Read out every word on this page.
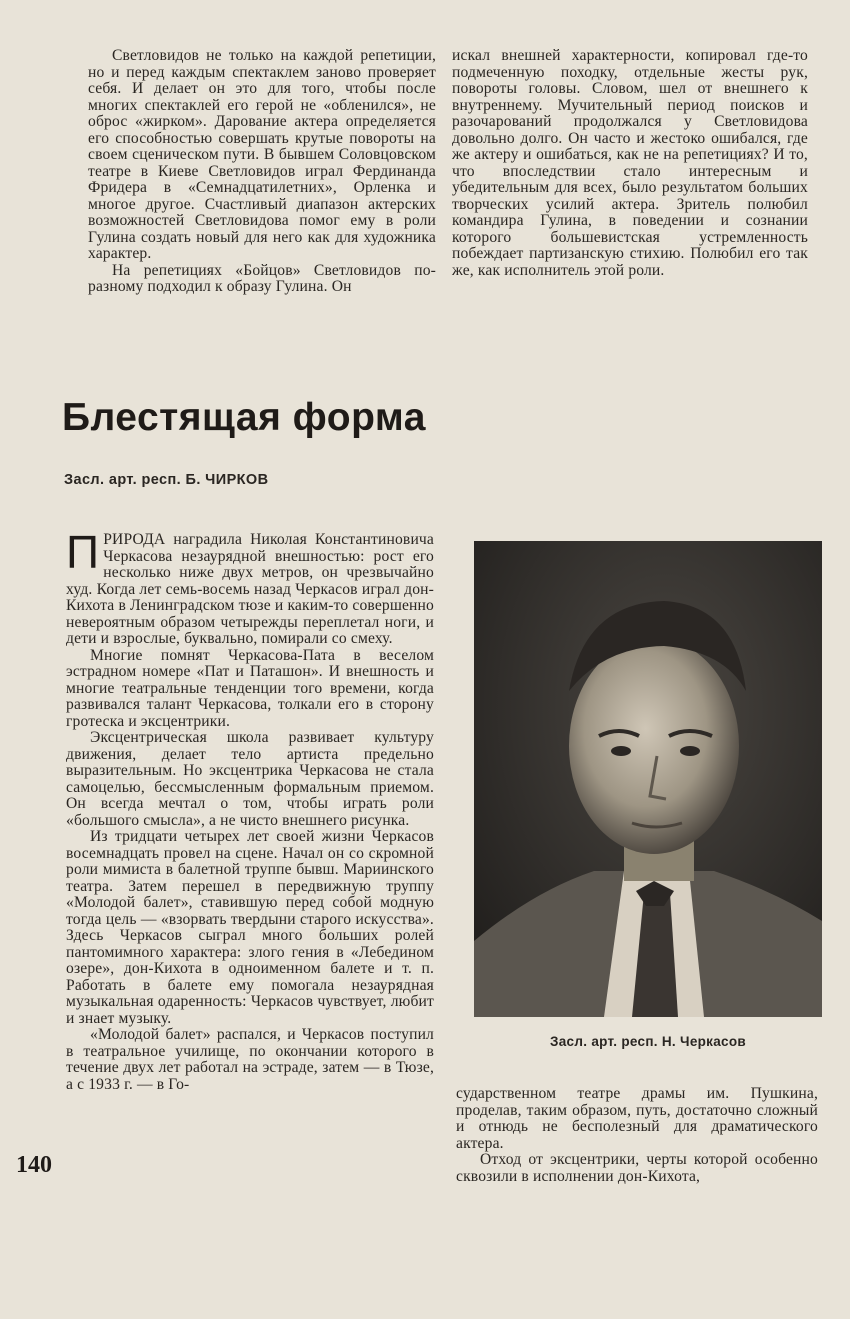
Светловидов не только на каждой репетиции, но и перед каждым спектаклем заново проверяет себя. И делает он это для того, чтобы после многих спектаклей его герой не «обленился», не оброс «жирком». Дарование актера определяется его способностью совершать крутые повороты на своем сценическом пути. В бывшем Соловцовском театре в Киеве Светловидов играл Фердинанда Фридера в «Семнадцатилетних», Орленка и многое другое. Счастливый диапазон актерских возможностей Светловидова помог ему в роли Гулина создать новый для него как для художника характер.

На репетициях «Бойцов» Светловидов по-разному подходил к образу Гулина. Он

искал внешней характерности, копировал где-то подмеченную походку, отдельные жесты рук, повороты головы. Словом, шел от внешнего к внутреннему. Мучительный период поисков и разочарований продолжался у Светловидова довольно долго. Он часто и жестоко ошибался, где же актеру и ошибаться, как не на репетициях? И то, что впоследствии стало интересным и убедительным для всех, было результатом больших творческих усилий актера. Зритель полюбил командира Гулина, в поведении и сознании которого большевистская устремленность побеждает партизанскую стихию. Полюбил его так же, как исполнитель этой роли.

Блестящая форма

Засл. арт. респ. Б. ЧИРКОВ

ПРИРОДА наградила Николая Константиновича Черкасова незаурядной внешностью: рост его несколько ниже двух метров, он чрезвычайно худ. Когда лет семь-восемь назад Черкасов играл дон-Кихота в Ленинградском тюзе и каким-то совершенно невероятным образом четырежды переплетал ноги, и дети и взрослые, буквально, помирали со смеху.

Многие помнят Черкасова-Пата в веселом эстрадном номере «Пат и Паташон». И внешность и многие театральные тенденции того времени, когда развивался талант Черкасова, толкали его в сторону гротеска и эксцентрики.

Эксцентрическая школа развивает культуру движения, делает тело артиста предельно выразительным. Но эксцентрика Черкасова не стала самоцелью, бессмысленным формальным приемом. Он всегда мечтал о том, чтобы играть роли «большого смысла», а не чисто внешнего рисунка.

Из тридцати четырех лет своей жизни Черкасов восемнадцать провел на сцене. Начал он со скромной роли мимиста в балетной труппе бывш. Мариинского театра. Затем перешел в передвижную труппу «Молодой балет», ставившую перед собой модную тогда цель — «взорвать твердыни старого искусства». Здесь Черкасов сыграл много больших ролей пантомимного характера: злого гения в «Лебедином озере», дон-Кихота в одноименном балете и т. п. Работать в балете ему помогала незаурядная музыкальная одаренность: Черкасов чувствует, любит и знает музыку.

«Молодой балет» распался, и Черкасов поступил в театральное училище, по окончании которого в течение двух лет работал на эстраде, затем — в Тюзе, а с 1933 г. — в Го-

Засл. арт. респ. Н. Черкасов

сударственном театре драмы им. Пушкина, проделав, таким образом, путь, достаточно сложный и отнюдь не бесполезный для драматического актера.

Отход от эксцентрики, черты которой особенно сквозили в исполнении дон-Кихота,

140
